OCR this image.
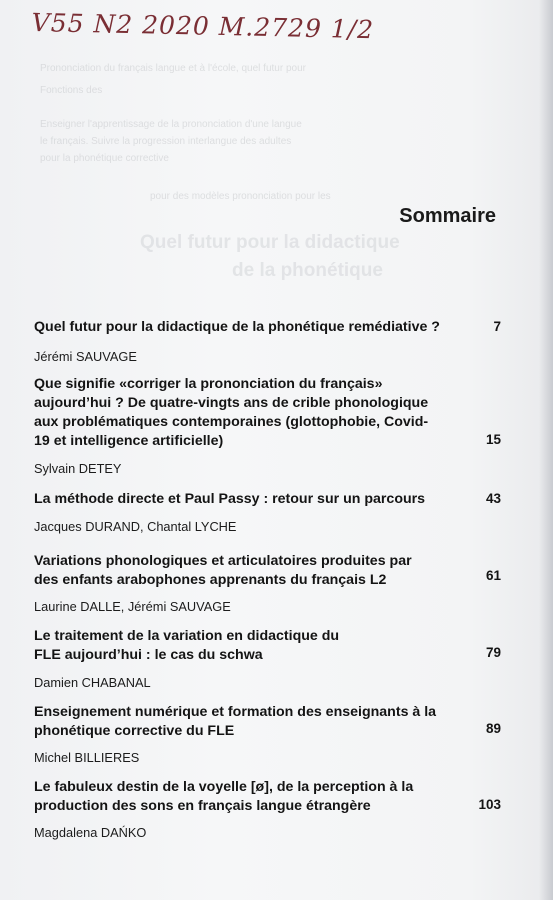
Prononciation du français langue et à l'école, quel futur pour
Fonctions des
Enseigner l'apprentissage de la prononciation d'une langue
le français. Suivre la progression interlangue des adultes
pour la phonétique corrective
pour des modèles prononciation pour les
Quel futur pour la didactique
de la phonétique
V55 N2 2020 M.2729 1/2
Sommaire
Quel futur pour la didactique de la phonétique remédiative ?
Jérémi SAUVAGE
7
Que signifie «corriger la prononciation du français» aujourd’hui ? De quatre-vingts ans de crible phonologique aux problématiques contemporaines (glottophobie, Covid-19 et intelligence artificielle)
Sylvain DETEY
15
La méthode directe et Paul Passy : retour sur un parcours
Jacques DURAND, Chantal LYCHE
43
Variations phonologiques et articulatoires produites par des enfants arabophones apprenants du français L2
Laurine DALLE, Jérémi SAUVAGE
61
Le traitement de la variation en didactique du FLE aujourd’hui : le cas du schwa
Damien CHABANAL
79
Enseignement numérique et formation des enseignants à la phonétique corrective du FLE
Michel BILLIERES
89
Le fabuleux destin de la voyelle [ø], de la perception à la production des sons en français langue étrangère
Magdalena DAŃKO
103
